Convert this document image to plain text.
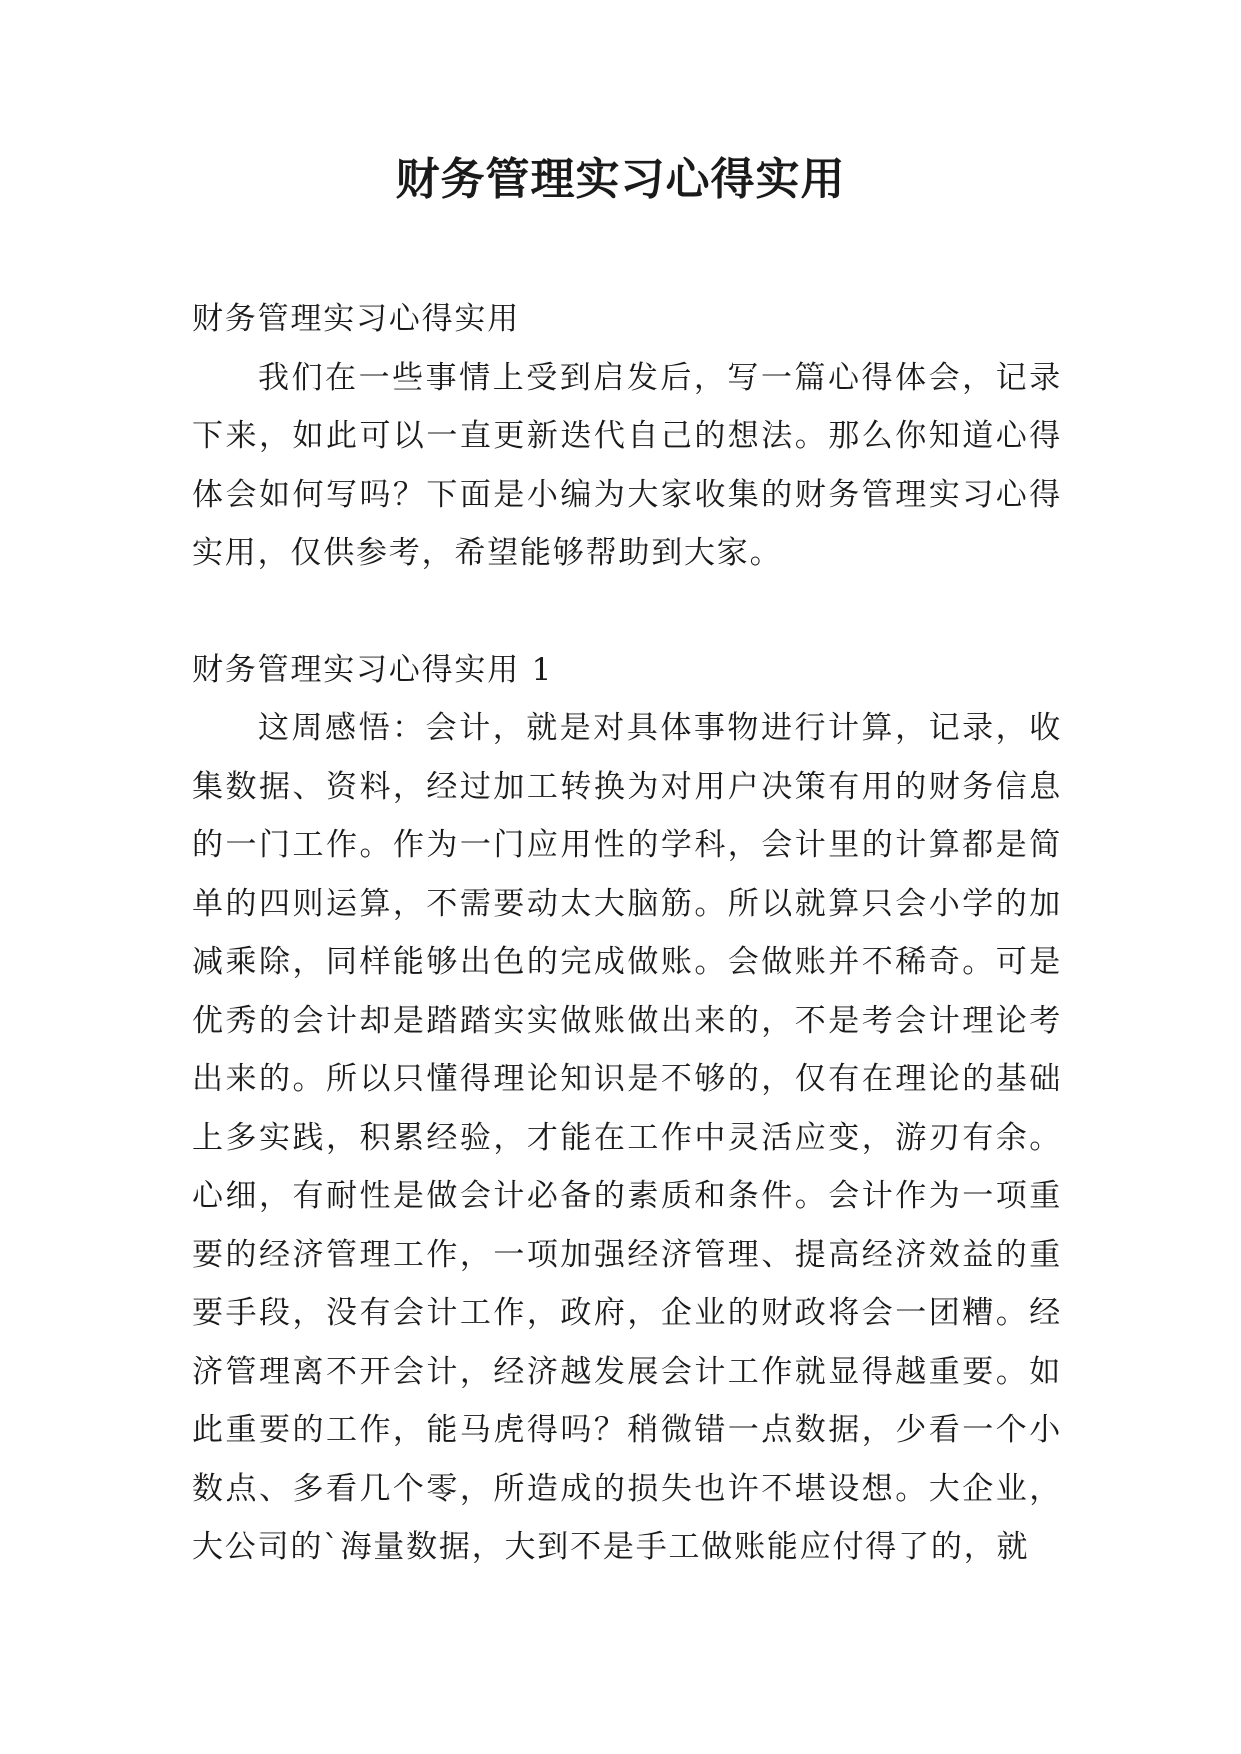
财务管理实习心得实用

财务管理实习心得实用

我们在一些事情上受到启发后，写一篇心得体会，记录下来，如此可以一直更新迭代自己的想法。那么你知道心得体会如何写吗？下面是小编为大家收集的财务管理实习心得实用，仅供参考，希望能够帮助到大家。

财务管理实习心得实用 1

这周感悟：会计，就是对具体事物进行计算，记录，收集数据、资料，经过加工转换为对用户决策有用的财务信息的一门工作。作为一门应用性的学科，会计里的计算都是简单的四则运算，不需要动太大脑筋。所以就算只会小学的加减乘除，同样能够出色的完成做账。会做账并不稀奇。可是优秀的会计却是踏踏实实做账做出来的，不是考会计理论考出来的。所以只懂得理论知识是不够的，仅有在理论的基础上多实践，积累经验，才能在工作中灵活应变，游刃有余。心细，有耐性是做会计必备的素质和条件。会计作为一项重要的经济管理工作，一项加强经济管理、提高经济效益的重要手段，没有会计工作，政府，企业的财政将会一团糟。经济管理离不开会计，经济越发展会计工作就显得越重要。如此重要的工作，能马虎得吗？稍微错一点数据，少看一个小数点、多看几个零，所造成的损失也许不堪设想。大企业，大公司的`海量数据，大到不是手工做账能应付得了的，就
